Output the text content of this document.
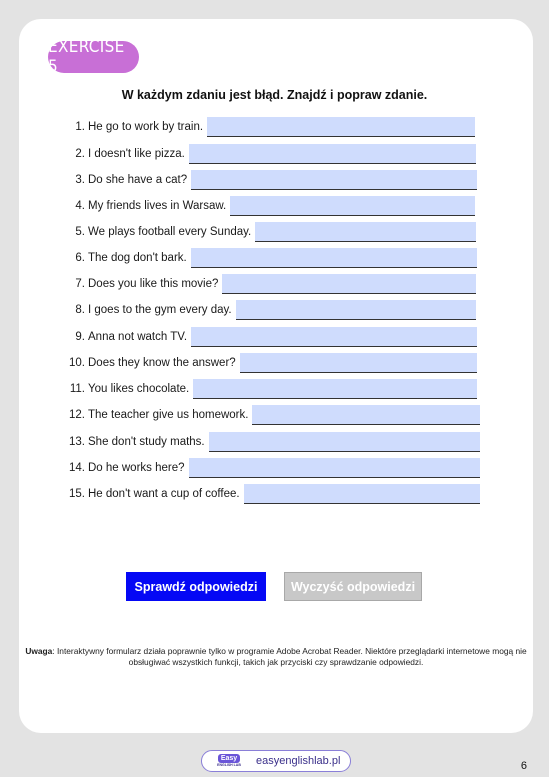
EXERCISE 5
W każdym zdaniu jest błąd. Znajdź i popraw zdanie.
1. He go to work by train.
2. I doesn't like pizza.
3. Do she have a cat?
4. My friends lives in Warsaw.
5. We plays football every Sunday.
6. The dog don't bark.
7. Does you like this movie?
8. I goes to the gym every day.
9. Anna not watch TV.
10. Does they know the answer?
11. You likes chocolate.
12. The teacher give us homework.
13. She don't study maths.
14. Do he works here?
15. He don't want a cup of coffee.
Sprawdź odpowiedzi	Wyczyść odpowiedzi
Uwaga: Interaktywny formularz działa poprawnie tylko w programie Adobe Acrobat Reader. Niektóre przeglądarki internetowe mogą nie obsługiwać wszystkich funkcji, takich jak przyciski czy sprawdzanie odpowiedzi.
Easy
ENGLISH LAB easyenglishlab.pl	6
